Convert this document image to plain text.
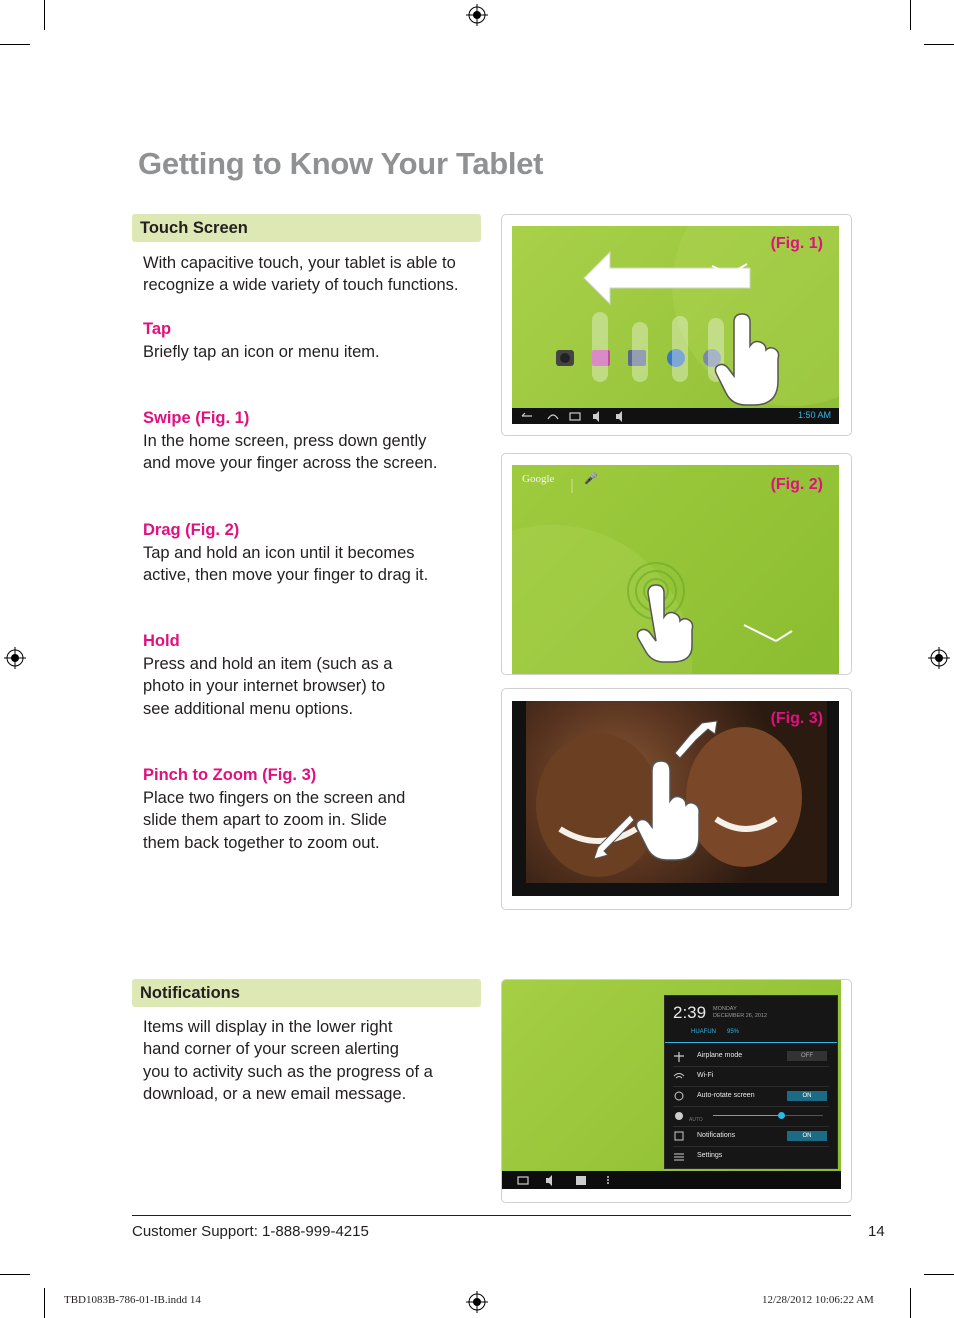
Getting to Know Your Tablet
Touch Screen
With capacitive touch, your tablet is able to
recognize a wide variety of touch functions.
Tap
Brieﬂy tap an icon or menu item.
Swipe (Fig. 1)
In the home screen, press down gently
and move your ﬁnger across the screen.
Drag (Fig. 2)
Tap and hold an icon until it becomes
active, then move your ﬁnger to drag it.
Hold
Press and hold an item (such as a
photo in your internet browser) to
see additional menu options.
Pinch to Zoom (Fig. 3)
Place two ﬁngers on the screen and
slide them apart to zoom in. Slide
them back together to zoom out.
(Fig. 1)
1:50 AM
Google	🎤	(Fig. 2)
(Fig. 3)
Notiﬁcations
Items will display in the lower right
hand corner of your screen alerting
you to activity such as the progress of a
download, or a new email message.
2:39 MONDAY
DECEMBER 26, 2012
HUAFUN 95%
Airplane mode	OFF
Wi-Fi
Auto-rotate screen	ON
AUTO
Notifications	ON
Settings
Customer Support: 1-888-999-4215	14
TBD1083B-786-01-IB.indd 14	12/28/2012 10:06:22 AM
